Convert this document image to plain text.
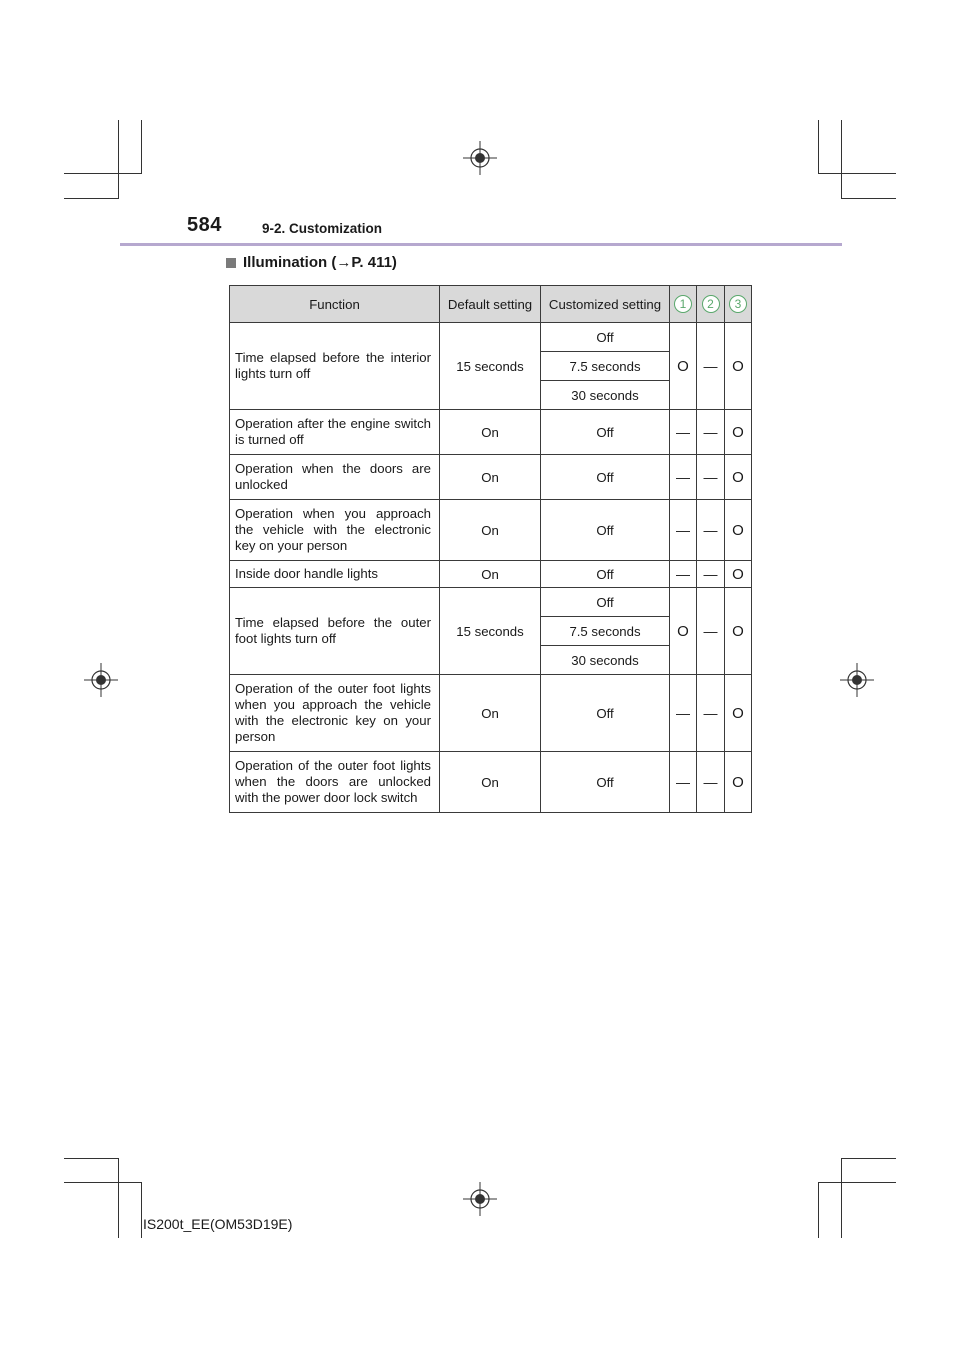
584	9-2. Customization
Illumination (→P. 411)
Function	Default setting	Customized setting	1	2	3
Time elapsed before the interior lights turn off	15 seconds	Off	O	—	O
		7.5 seconds			
		30 seconds			
Operation after the engine switch is turned off	On	Off	—	—	O
Operation when the doors are unlocked	On	Off	—	—	O
Operation when you approach the vehicle with the electronic key on your person	On	Off	—	—	O
Inside door handle lights	On	Off	—	—	O
Time elapsed before the outer foot lights turn off	15 seconds	Off	O	—	O
		7.5 seconds			
		30 seconds			
Operation of the outer foot lights when you approach the vehicle with the electronic key on your person	On	Off	—	—	O
Operation of the outer foot lights when the doors are unlocked with the power door lock switch	On	Off	—	—	O
IS200t_EE(OM53D19E)
